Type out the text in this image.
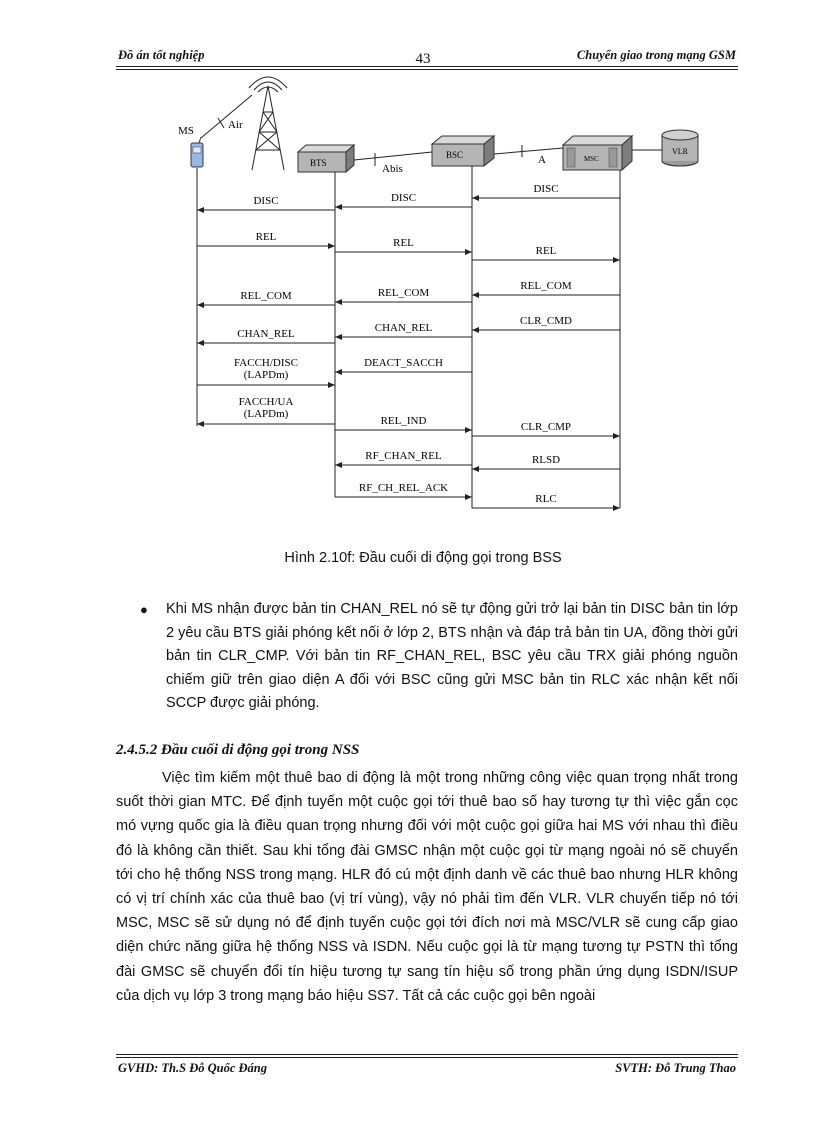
Đồ án tốt nghiệp	43	Chuyển giao trong mạng GSM
MS	Air
BTS	Abis
BSC	A	MSC
VLR
DISC	DISC
DISC
REL	REL
REL
REL_COM	REL_COM
REL_COM
CHAN_REL	CHAN_REL
CLR_CMD
(LAPDm)
FACCH/DISC	DEACT_SACCH
(LAPDm)
FACCH/UA
REL_IND	CLR_CMP
RF_CHAN_REL	RLSD
RF_CH_REL_ACK
RLC
Hình 2.10f: Đầu cuối di động gọi trong BSS
●	Khi MS nhận được bản tin CHAN_REL nó sẽ tự động gửi trở lại bản tin DISC bản tin lớp 2 yêu cầu BTS giải phóng kết nối ở lớp 2, BTS nhận và đáp trả bản tin UA, đồng thời gửi bản tin CLR_CMP. Với bản tin RF_CHAN_REL, BSC yêu cầu TRX giải phóng nguồn chiếm giữ trên giao diện A đối với BSC cũng gửi MSC bản tin RLC xác nhận kết nối SCCP được giải phóng.

2.4.5.2 Đầu cuối di động gọi trong NSS

Việc tìm kiếm một thuê bao di động là một trong những công việc quan trọng nhất trong suốt thời gian MTC. Để định tuyến một cuộc gọi tới thuê bao số hay tương tự thì việc gắn cọc mó vựng quốc gia là điều quan trọng nhưng đối với một cuộc gọi giữa hai MS với nhau thì điều đó là không cần thiết. Sau khi tổng đài GMSC nhận một cuộc gọi từ mạng ngoài nó sẽ chuyển tới cho hệ thống NSS trong mạng. HLR đó cú một định danh về các thuê bao nhưng HLR không có vị trí chính xác của thuê bao (vị trí vùng), vậy nó phải tìm đến VLR. VLR chuyển tiếp nó tới MSC, MSC sẽ sử dụng nó để định tuyến cuộc gọi tới đích nơi mà MSC/VLR sẽ cung cấp giao diện chức năng giữa hệ thống NSS và ISDN. Nếu cuộc gọi là từ mạng tương tự PSTN thì tổng đài GMSC sẽ chuyển đổi tín hiệu tương tự sang tín hiệu số trong phần ứng dụng ISDN/ISUP của dịch vụ lớp 3 trong mạng báo hiệu SS7. Tất cả các cuộc gọi bên ngoài

GVHD: Th.S Đỗ Quốc Đáng	SVTH: Đỗ Trung Thao
